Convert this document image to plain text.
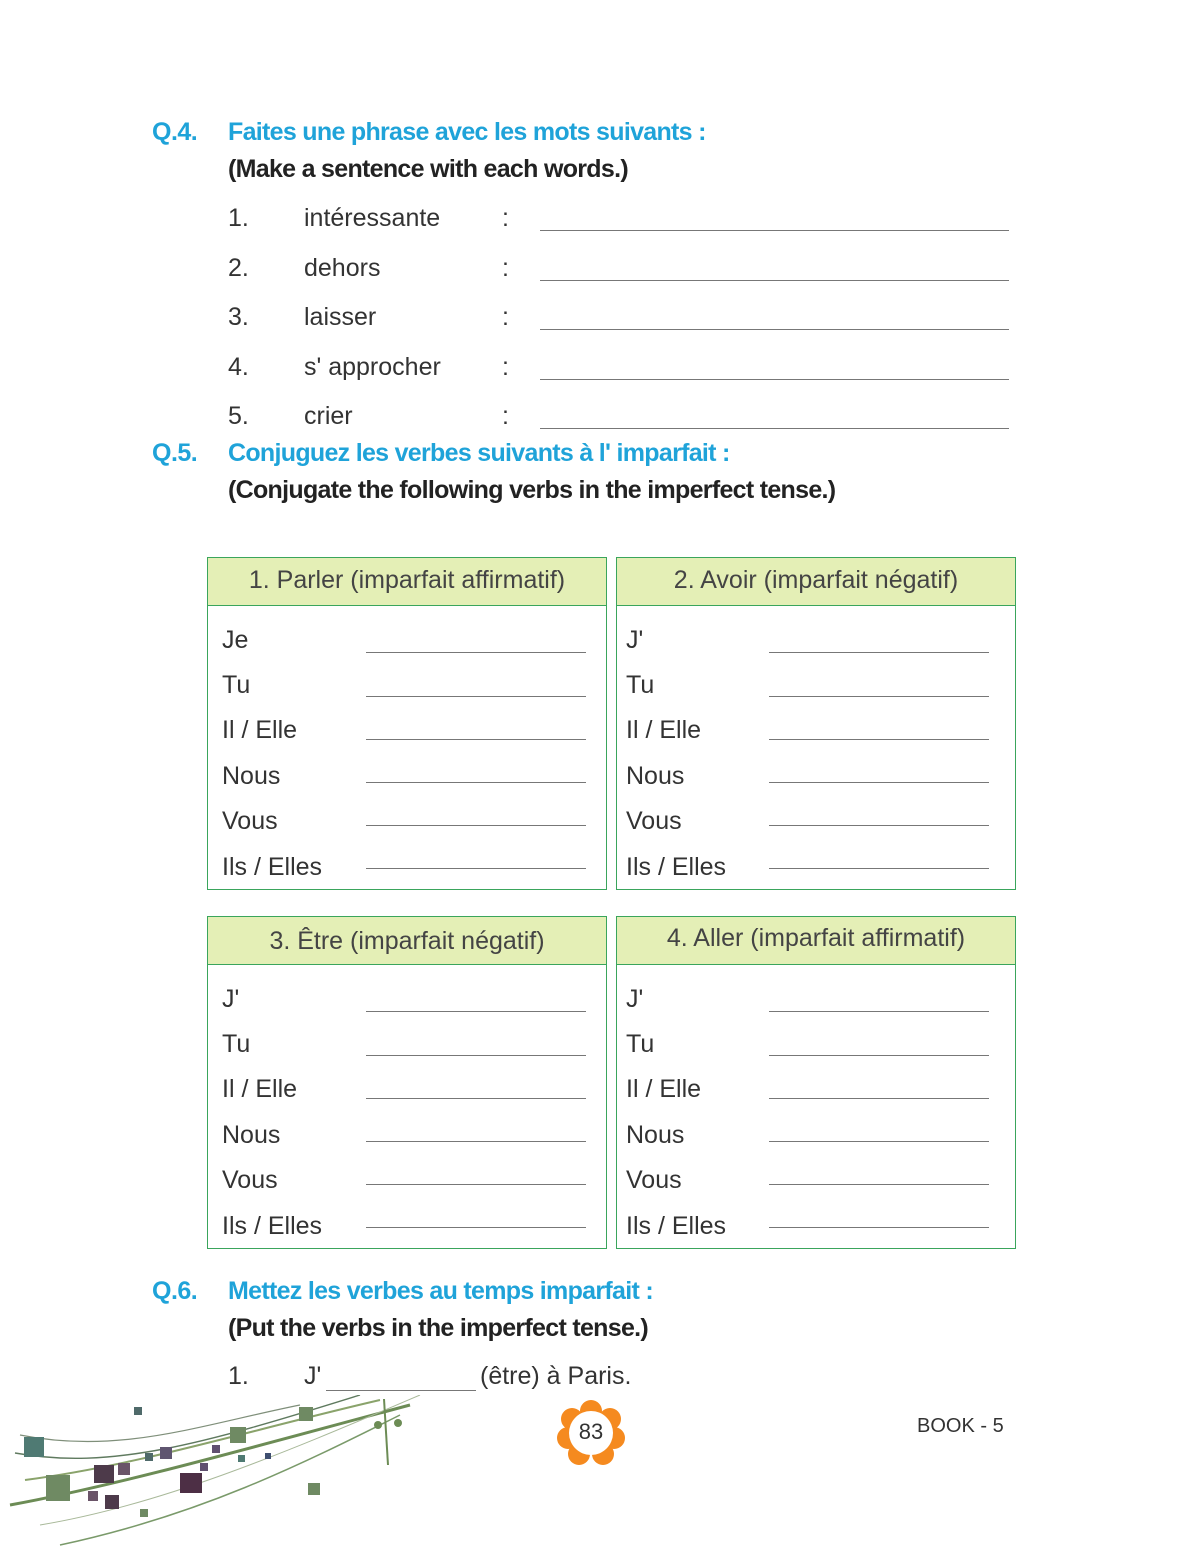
Q.4. Faites une phrase avec les mots suivants :
(Make a sentence with each words.)
1. intéressante :
2. dehors	:
3. laisser	:
4. s' approcher :
5. crier	:
Q.5. Conjuguez les verbes suivants à l' imparfait :
(Conjugate the following verbs in the imperfect tense.)
1. Parler (imparfait affirmatif)
Je
Tu
Il / Elle
Nous
Vous
Ils / Elles
2. Avoir (imparfait négatif)
J'
Tu
Il / Elle
Nous
Vous
Ils / Elles
3. Être (imparfait négatif)
J'
Tu
Il / Elle
Nous
Vous
Ils / Elles
4. Aller (imparfait affirmatif)
J'
Tu
Il / Elle
Nous
Vous
Ils / Elles
Q.6. Mettez les verbes au temps imparfait :
(Put the verbs in the imperfect tense.)
1. J'	(être) à Paris.
83	BOOK - 5
